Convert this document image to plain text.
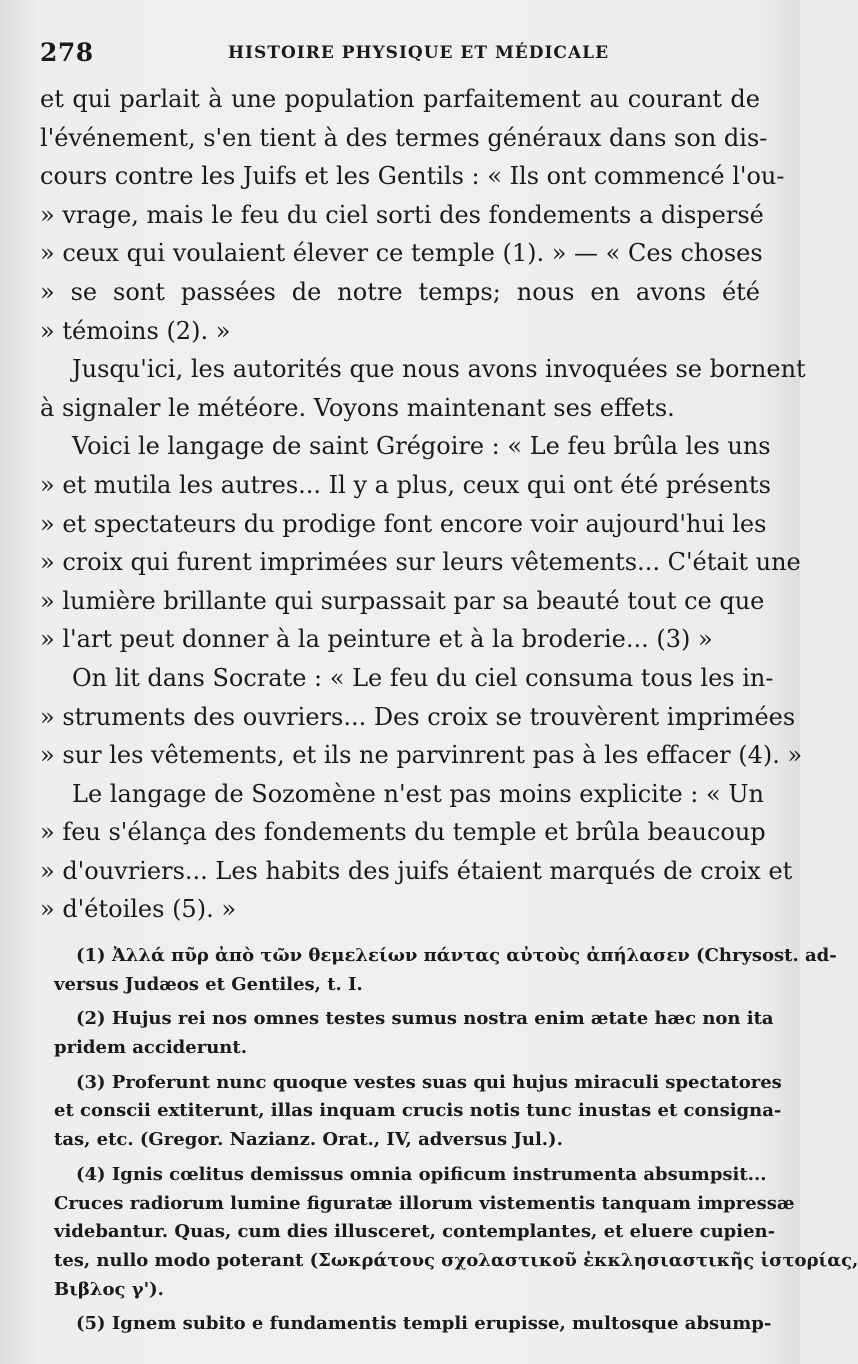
278	HISTOIRE PHYSIQUE ET MÉDICALE
et qui parlait à une population parfaitement au courant de
l'événement, s'en tient à des termes généraux dans son dis-
cours contre les Juifs et les Gentils : « Ils ont commencé l'ou-
» vrage, mais le feu du ciel sorti des fondements a dispersé
» ceux qui voulaient élever ce temple (1). » — « Ces choses
» se sont passées de notre temps; nous en avons été
» témoins (2). »
Jusqu'ici, les autorités que nous avons invoquées se bornent
à signaler le météore. Voyons maintenant ses effets.
Voici le langage de saint Grégoire : « Le feu brûla les uns
» et mutila les autres... Il y a plus, ceux qui ont été présents
» et spectateurs du prodige font encore voir aujourd'hui les
» croix qui furent imprimées sur leurs vêtements... C'était une
» lumière brillante qui surpassait par sa beauté tout ce que
» l'art peut donner à la peinture et à la broderie... (3) »
On lit dans Socrate : « Le feu du ciel consuma tous les in-
» struments des ouvriers... Des croix se trouvèrent imprimées
» sur les vêtements, et ils ne parvinrent pas à les effacer (4). »
Le langage de Sozomène n'est pas moins explicite : « Un
» feu s'élança des fondements du temple et brûla beaucoup
» d'ouvriers... Les habits des juifs étaient marqués de croix et
» d'étoiles (5). »
(1) Ἀλλά πῦρ ἀπὸ τῶν θεμελείων πάντας αὐτοὺς ἀπήλασεν (Chrysost. ad-
versus Judæos et Gentiles, t. I.
(2) Hujus rei nos omnes testes sumus nostra enim ætate hæc non ita
pridem acciderunt.
(3) Proferunt nunc quoque vestes suas qui hujus miraculi spectatores
et conscii extiterunt, illas inquam crucis notis tunc inustas et consigna-
tas, etc. (Gregor. Nazianz. Orat., IV, adversus Jul.).
(4) Ignis cœlitus demissus omnia opificum instrumenta absumpsit...
Cruces radiorum lumine figuratæ illorum vistementis tanquam impressæ
videbantur. Quas, cum dies illusceret, contemplantes, et eluere cupien-
tes, nullo modo poterant (Σωκράτους σχολαστικοῦ ἐκκλησιαστικῆς ἱστορίας,
Βιβλος γ').
(5) Ignem subito e fundamentis templi erupisse, multosque absump-
